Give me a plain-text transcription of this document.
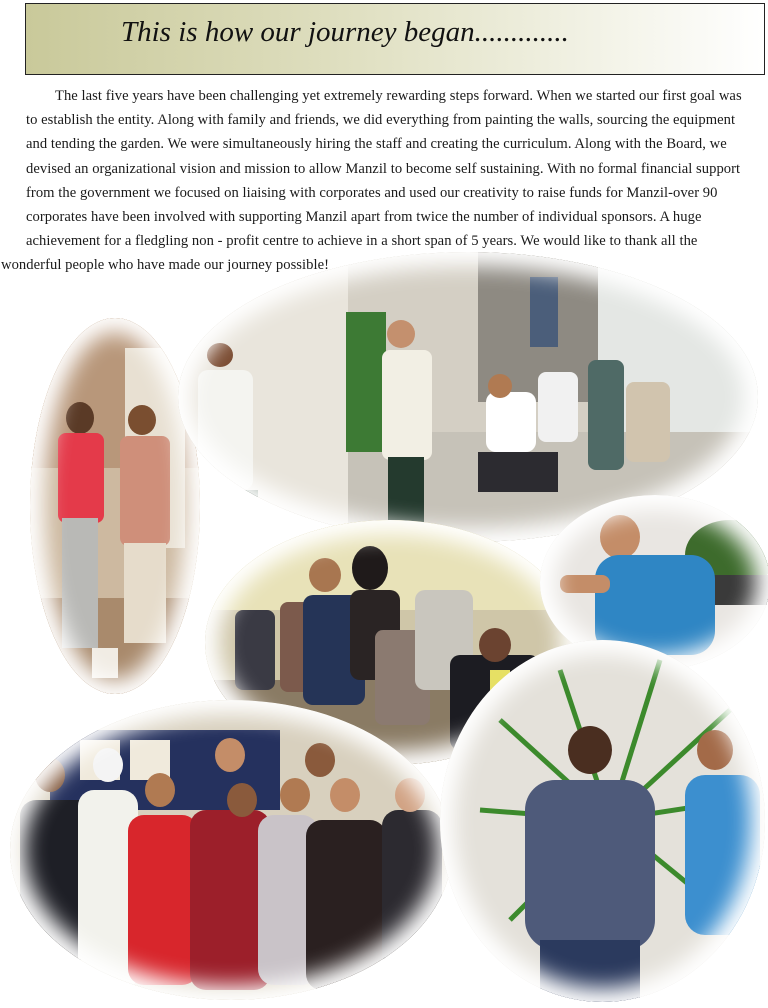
This is how our journey began.............

The last five years have been challenging yet extremely rewarding steps forward. When we started our first goal was to establish the entity. Along with family and friends, we did everything from painting the walls, sourcing the equipment and tending the garden. We were simultaneously hiring the staff and creating the curriculum. Along with the Board, we devised an organizational vision and mission to allow Manzil to become self sustaining. With no formal financial support from the government we focused on liaising with corporates and used our creativity to raise funds for Manzil-over 90 corporates have been involved with supporting Manzil apart from twice the number of individual sponsors. A huge achievement for a fledgling non - profit centre to achieve in a short span of 5 years. We would like to thank all the
wonderful people who have made our journey possible!
